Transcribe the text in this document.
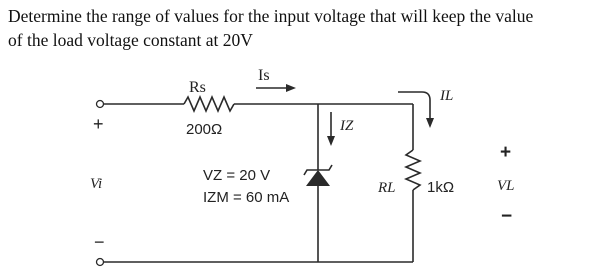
Determine the range of values for the input voltage that will keep the value
of the load voltage constant at 20V
Rs
Is
200Ω	IZ
IL
VZ = 20 V
IZM = 60 mA
RL 1kΩ
Vi	VL
+
−
+
−
